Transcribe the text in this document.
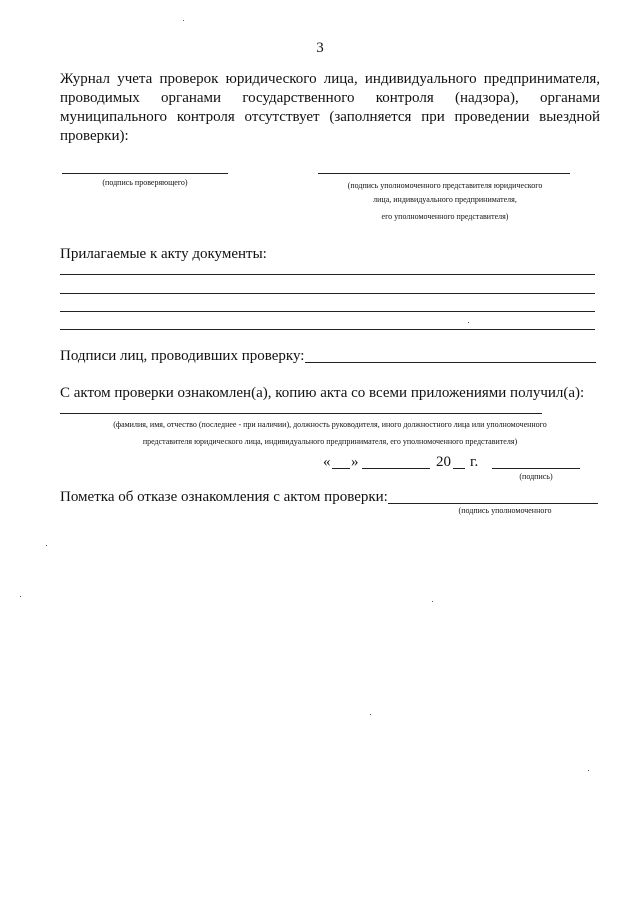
3

Журнал учета проверок юридического лица, индивидуального предпринимателя, проводимых органами государственного контроля (надзора), органами муниципального контроля отсутствует (заполняется при проведении выездной проверки):

(подпись проверяющего)	(подпись уполномоченного представителя юридического
лица, индивидуального предпринимателя,
его уполномоченного представителя)
Прилагаемые к акту документы:
Подписи лиц, проводивших проверку:
С актом проверки ознакомлен(а), копию акта со всеми приложениями получил(а):
(фамилия, имя, отчество (последнее - при наличии), должность руководителя, иного должностного лица или уполномоченного
представителя юридического лица, индивидуального предпринимателя, его уполномоченного представителя)
« »	20 г.
(подпись)
Пометка об отказе ознакомления с актом проверки:
(подпись уполномоченного
